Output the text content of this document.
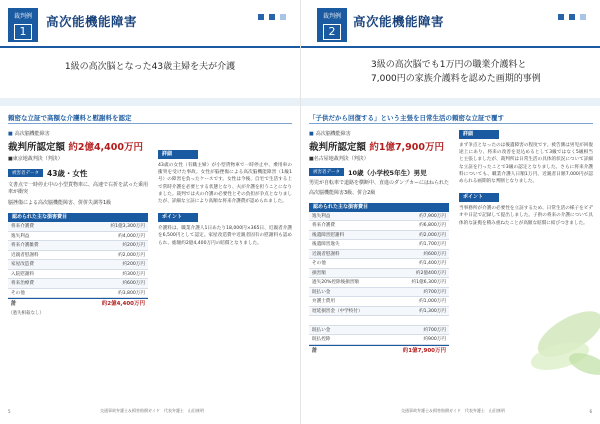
裁判例
1
高次能機能障害
1級の高次脳となった43歳主婦を夫が介護
頼密な立証で高額な介護料と慰謝料を認定
■ 高次脳機能障害
裁判所認定額 約2億4,400万円
■東京地裁判決（判決）
被害者データ	43歳・女性
文書点で一時停止中の小型貨物車に、高速で右折を試った乗用車が衝突
脳挫傷による高次脳機能障害、併併失調等1級
認められた主な損害費目
将来介護費	約1億3,300万円
逸失利益	約4,000万円
将来介護雑費	約200万円
近親者慰謝料	約2,000万円
家屋改造費	約200万円
入院慰謝料	約300万円
将来治療費	約600万円
その他	約3,800万円
計	約2億4,400万円
（過失相殺なし）
詳細
43歳の女性（有職主婦）が小型貨物車で一時停止中、乗用車の衝突を受けた事故。女性が脳挫傷による高次脳機能障害（1級1号）の障害を負ったケースです。女性は今後、自宅で生活する上で常時介護を必要とする状態となり、夫が介護を担うことになりました。裁判では夫の介護の必要性とその負担が争点となりましたが、詳細な立証により高額な将来介護費が認められました。
ポイント
介護料は、職業介護人1日あたり18,000円×365日、近親者介護を6,500円として認定。家屋改造費や近親者固有の慰謝料も認められ、総額約2億4,400万円の賠償となりました。
5	交通事故弁護士＆損害賠償ガイド　代表弁護士　山田康明
裁判例
2
高次能機能障害
3級の高次脳でも1万円の職業介護料と
7,000円の家族介護料を認めた画期的事例
「子供だから回復する」という主張を日常生活の頼密な立証で覆す
■ 高次脳機能障害
裁判所認定額 約1億7,900万円
■名古屋地裁判決（判決）
被害者データ	10歳（小学校5年生）男児
男児が自転車で道路を横断中、直進のダンプカーにはねられた
高次脳機能障害3級、併合2級
認められた主な損害費目
逸失利益	約7,900万円
将来介護費	約6,800万円
後遺障害慰謝料	約2,000万円
後遺障害逸失	約1,700万円
近親者慰謝料	約600万円
その他	約1,400万円
損害額	約2億400万円
過失20%控除後損害額	約1億6,300万円
既払い金	約700万円
弁護士費用	約1,000万円
遅延損害金（中学校付）	約1,300万円
既払い金	約700万円
既払控除	約900万円
計	約1億7,900万円
詳細
まず争点となったのは後遺障害の程度です。被告側は男児が回復途上にあり、将来の改善を見込めるとして3級ではなく5級相当と主張しましたが、裁判所は日常生活の具体的状況について詳細な立証を行ったことで3級の認定となりました。さらに将来介護料についても、職業介護人日額1万円、近親者日額7,000円が認められる画期的な判断となりました。
ポイント
当事務所が介護の必要性を立証するため、日常生活の様子をビデオや日記で記録して提出しました。子供の将来の介護について具体的な証拠を積み重ねたことが高額な賠償に結びつきました。
交通事故弁護士＆損害賠償ガイド　代表弁護士　山田康明	6
